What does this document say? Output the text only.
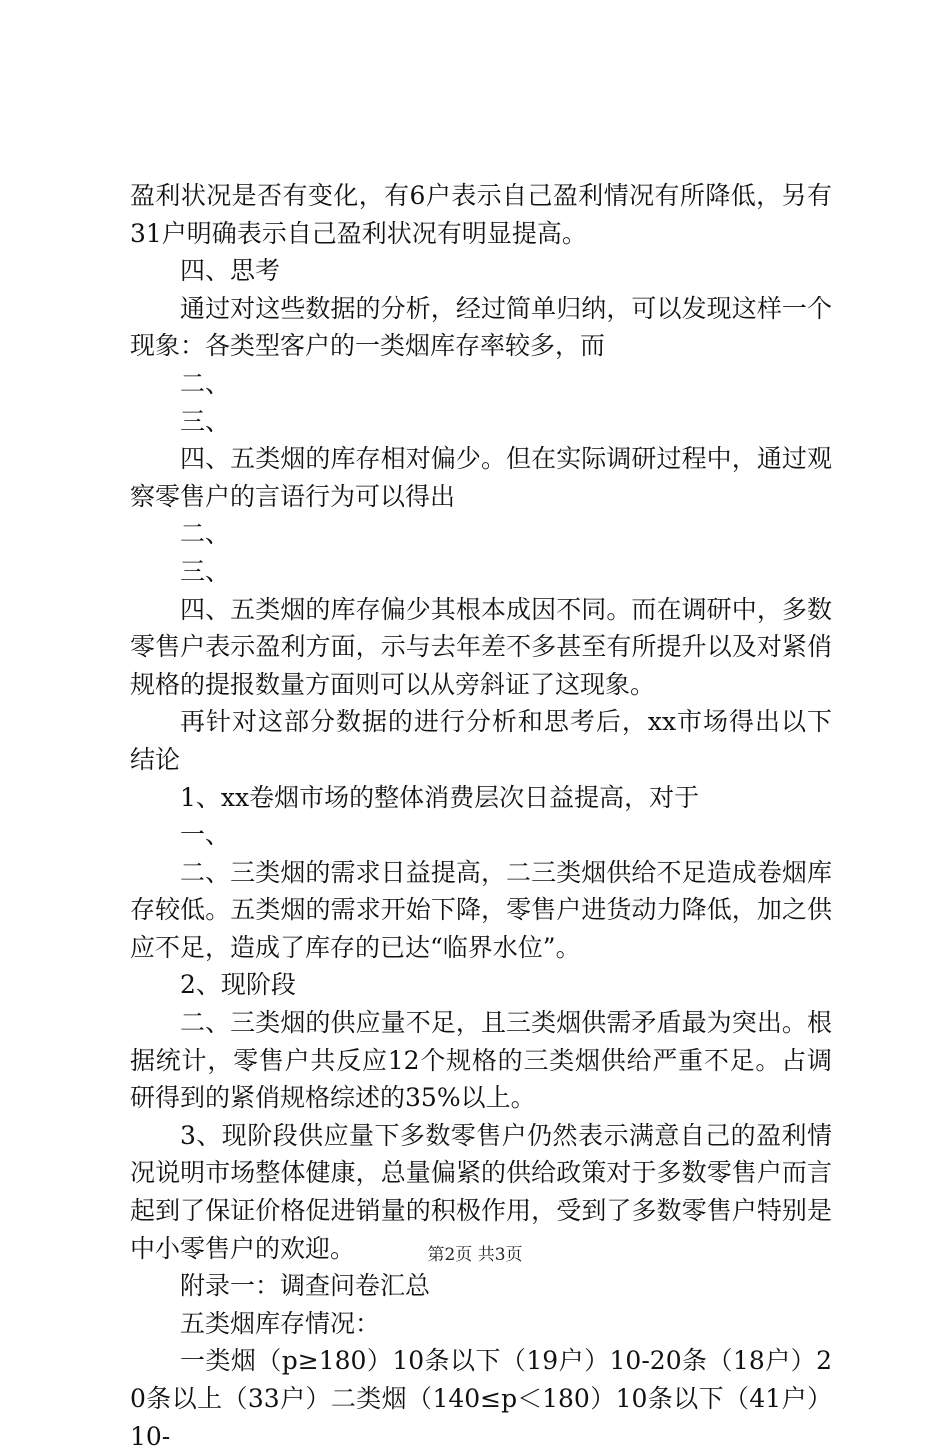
盈利状况是否有变化，有6户表示自己盈利情况有所降低，另有31户明确表示自己盈利状况有明显提高。

四、思考

通过对这些数据的分析，经过简单归纳，可以发现这样一个现象：各类型客户的一类烟库存率较多，而

二、

三、

四、五类烟的库存相对偏少。但在实际调研过程中，通过观察零售户的言语行为可以得出

二、

三、

四、五类烟的库存偏少其根本成因不同。而在调研中，多数零售户表示盈利方面，示与去年差不多甚至有所提升以及对紧俏规格的提报数量方面则可以从旁斜证了这现象。

再针对这部分数据的进行分析和思考后，xx市场得出以下结论

1、xx卷烟市场的整体消费层次日益提高，对于

一、

二、三类烟的需求日益提高，二三类烟供给不足造成卷烟库存较低。五类烟的需求开始下降，零售户进货动力降低，加之供应不足，造成了库存的已达“临界水位”。

2、现阶段

二、三类烟的供应量不足，且三类烟供需矛盾最为突出。根据统计，零售户共反应12个规格的三类烟供给严重不足。占调研得到的紧俏规格综述的35%以上。

3、现阶段供应量下多数零售户仍然表示满意自己的盈利情况说明市场整体健康，总量偏紧的供给政策对于多数零售户而言起到了保证价格促进销量的积极作用，受到了多数零售户特别是中小零售户的欢迎。

附录一：调查问卷汇总

五类烟库存情况：

一类烟（p≥180）10条以下（19户）10-20条（18户）20条以上（33户）二类烟（140≤p＜180）10条以下（41户）10-

第2页 共3页
